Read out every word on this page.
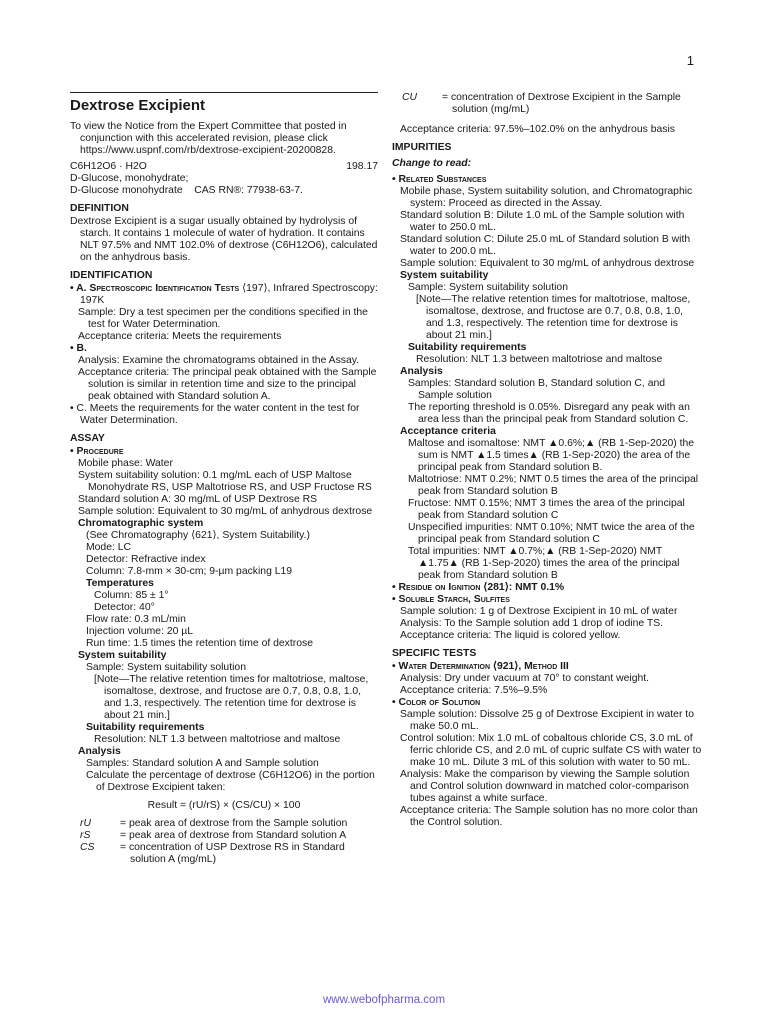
1
Dextrose Excipient

To view the Notice from the Expert Committee that posted in conjunction with this accelerated revision, please click https://www.uspnf.com/rb/dextrose-excipient-20200828.

C6H12O6 · H2O	198.17

D-Glucose, monohydrate;

D-Glucose monohydrate CAS RN®: 77938-63-7.

DEFINITION

Dextrose Excipient is a sugar usually obtained by hydrolysis of starch. It contains 1 molecule of water of hydration. It contains NLT 97.5% and NMT 102.0% of dextrose (C6H12O6), calculated on the anhydrous basis.

IDENTIFICATION

• A. Spectroscopic Identification Tests ⟨197⟩, Infrared Spectroscopy: 197K

Sample: Dry a test specimen per the conditions specified in the test for Water Determination.

Acceptance criteria: Meets the requirements

• B.

Analysis: Examine the chromatograms obtained in the Assay.

Acceptance criteria: The principal peak obtained with the Sample solution is similar in retention time and size to the principal peak obtained with Standard solution A.

• C. Meets the requirements for the water content in the test for Water Determination.

ASSAY

• Procedure

Mobile phase: Water

System suitability solution: 0.1 mg/mL each of USP Maltose Monohydrate RS, USP Maltotriose RS, and USP Fructose RS

Standard solution A: 30 mg/mL of USP Dextrose RS

Sample solution: Equivalent to 30 mg/mL of anhydrous dextrose

Chromatographic system

(See Chromatography ⟨621⟩, System Suitability.)

Mode: LC

Detector: Refractive index

Column: 7.8-mm × 30-cm; 9-µm packing L19

Temperatures

Column: 85 ± 1°

Detector: 40°

Flow rate: 0.3 mL/min

Injection volume: 20 µL

Run time: 1.5 times the retention time of dextrose

System suitability

Sample: System suitability solution

[Note—The relative retention times for maltotriose, maltose, isomaltose, dextrose, and fructose are 0.7, 0.8, 0.8, 1.0, and 1.3, respectively. The retention time for dextrose is about 21 min.]

Suitability requirements

Resolution: NLT 1.3 between maltotriose and maltose

Analysis

Samples: Standard solution A and Sample solution

Calculate the percentage of dextrose (C6H12O6) in the portion of Dextrose Excipient taken:

Result = (rU/rS) × (CS/CU) × 100
rU	= peak area of dextrose from the Sample solution
rS	= peak area of dextrose from Standard solution A
CS	= concentration of USP Dextrose RS in Standard solution A (mg/mL)
CU	= concentration of Dextrose Excipient in the Sample solution (mg/mL)

Acceptance criteria: 97.5%–102.0% on the anhydrous basis

IMPURITIES

Change to read:

• Related Substances

Mobile phase, System suitability solution, and Chromatographic system: Proceed as directed in the Assay.

Standard solution B: Dilute 1.0 mL of the Sample solution with water to 250.0 mL.

Standard solution C: Dilute 25.0 mL of Standard solution B with water to 200.0 mL.

Sample solution: Equivalent to 30 mg/mL of anhydrous dextrose

System suitability

Sample: System suitability solution

[Note—The relative retention times for maltotriose, maltose, isomaltose, dextrose, and fructose are 0.7, 0.8, 0.8, 1.0, and 1.3, respectively. The retention time for dextrose is about 21 min.]

Suitability requirements

Resolution: NLT 1.3 between maltotriose and maltose

Analysis

Samples: Standard solution B, Standard solution C, and Sample solution

The reporting threshold is 0.05%. Disregard any peak with an area less than the principal peak from Standard solution C.

Acceptance criteria

Maltose and isomaltose: NMT ▲0.6%;▲ (RB 1-Sep-2020) the sum is NMT ▲1.5 times▲ (RB 1-Sep-2020) the area of the principal peak from Standard solution B.

Maltotriose: NMT 0.2%; NMT 0.5 times the area of the principal peak from Standard solution B

Fructose: NMT 0.15%; NMT 3 times the area of the principal peak from Standard solution C

Unspecified impurities: NMT 0.10%; NMT twice the area of the principal peak from Standard solution C

Total impurities: NMT ▲0.7%;▲ (RB 1-Sep-2020) NMT ▲1.75▲ (RB 1-Sep-2020) times the area of the principal peak from Standard solution B

• Residue on Ignition ⟨281⟩: NMT 0.1%

• Soluble Starch, Sulfites

Sample solution: 1 g of Dextrose Excipient in 10 mL of water

Analysis: To the Sample solution add 1 drop of iodine TS.

Acceptance criteria: The liquid is colored yellow.

SPECIFIC TESTS

• Water Determination ⟨921⟩, Method III

Analysis: Dry under vacuum at 70° to constant weight.

Acceptance criteria: 7.5%–9.5%

• Color of Solution

Sample solution: Dissolve 25 g of Dextrose Excipient in water to make 50.0 mL.

Control solution: Mix 1.0 mL of cobaltous chloride CS, 3.0 mL of ferric chloride CS, and 2.0 mL of cupric sulfate CS with water to make 10 mL. Dilute 3 mL of this solution with water to 50 mL.

Analysis: Make the comparison by viewing the Sample solution and Control solution downward in matched color-comparison tubes against a white surface.

Acceptance criteria: The Sample solution has no more color than the Control solution.

www.webofpharma.com
